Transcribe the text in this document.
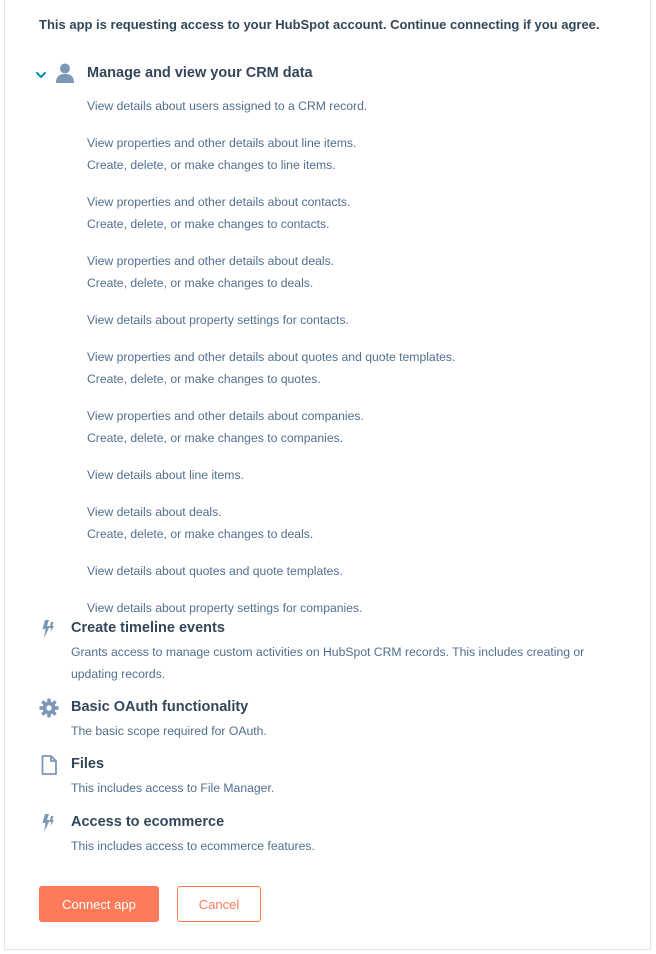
This app is requesting access to your HubSpot account. Continue connecting if you agree.
Manage and view your CRM data
View details about users assigned to a CRM record.
View properties and other details about line items.
Create, delete, or make changes to line items.
View properties and other details about contacts.
Create, delete, or make changes to contacts.
View properties and other details about deals.
Create, delete, or make changes to deals.
View details about property settings for contacts.
View properties and other details about quotes and quote templates.
Create, delete, or make changes to quotes.
View properties and other details about companies.
Create, delete, or make changes to companies.
View details about line items.
View details about deals.
Create, delete, or make changes to deals.
View details about quotes and quote templates.
View details about property settings for companies.
Create timeline events
Grants access to manage custom activities on HubSpot CRM records. This includes creating or updating records.
Basic OAuth functionality
The basic scope required for OAuth.
Files
This includes access to File Manager.
Access to ecommerce
This includes access to ecommerce features.
Connect app	Cancel
